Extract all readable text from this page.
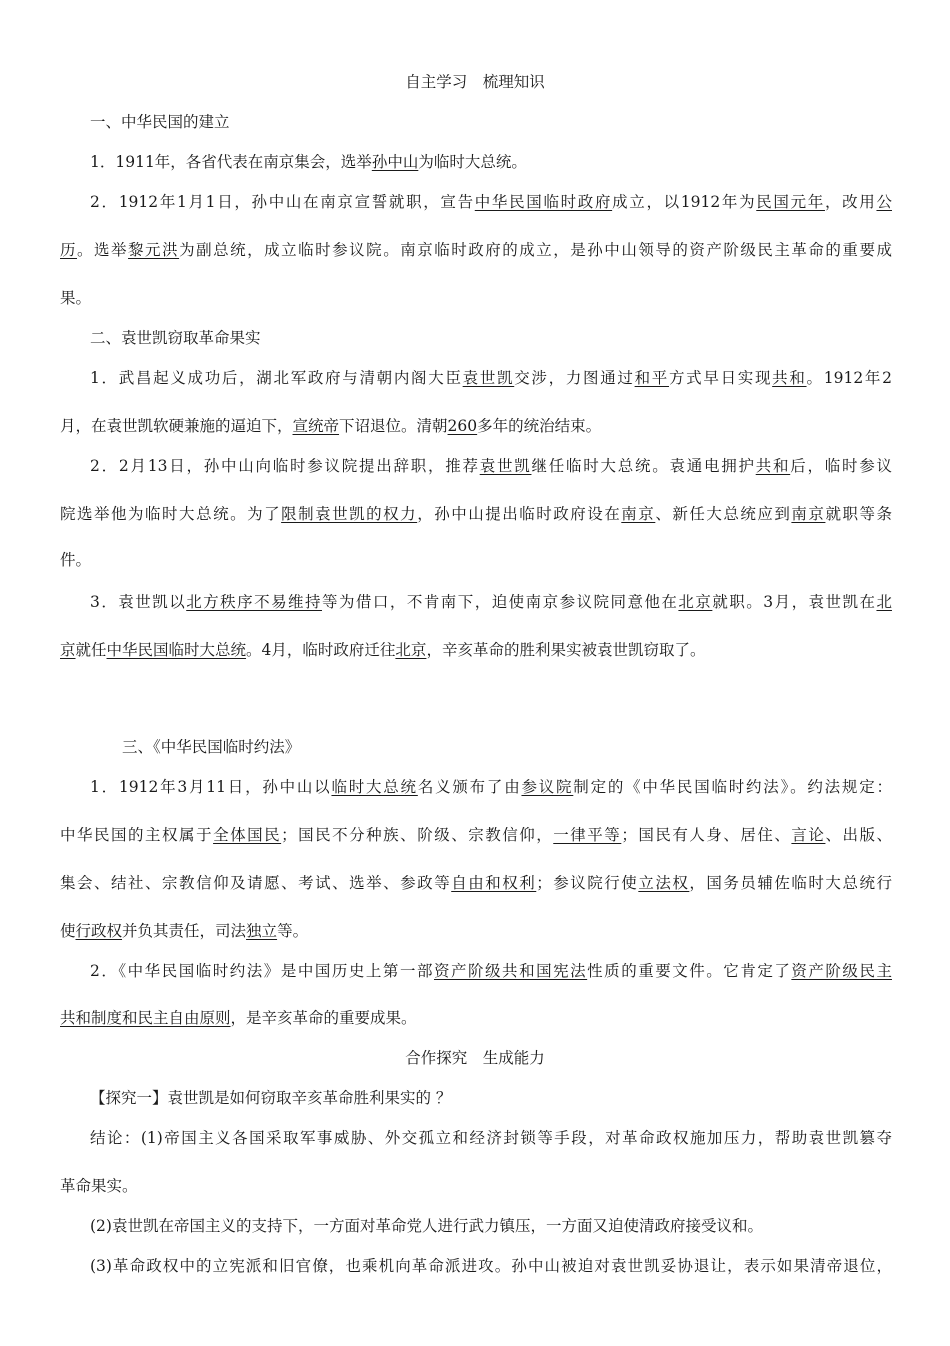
自主学习　梳理知识
一、中华民国的建立
1．1911年，各省代表在南京集会，选举孙中山为临时大总统。
2．1912年1月1日，孙中山在南京宣誓就职，宣告中华民国临时政府成立，以1912年为民国元年，改用公
历。选举黎元洪为副总统，成立临时参议院。南京临时政府的成立，是孙中山领导的资产阶级民主革命的重要成
果。
二、袁世凯窃取革命果实
1．武昌起义成功后，湖北军政府与清朝内阁大臣袁世凯交涉，力图通过和平方式早日实现共和。1912年2
月，在袁世凯软硬兼施的逼迫下，宣统帝下诏退位。清朝260多年的统治结束。
2．2月13日，孙中山向临时参议院提出辞职，推荐袁世凯继任临时大总统。袁通电拥护共和后，临时参议
院选举他为临时大总统。为了限制袁世凯的权力，孙中山提出临时政府设在南京、新任大总统应到南京就职等条
件。
3．袁世凯以北方秩序不易维持等为借口，不肯南下，迫使南京参议院同意他在北京就职。3月，袁世凯在北
京就任中华民国临时大总统。4月，临时政府迁往北京，辛亥革命的胜利果实被袁世凯窃取了。
三、《中华民国临时约法》
1．1912年3月11日，孙中山以临时大总统名义颁布了由参议院制定的《中华民国临时约法》。约法规定：
中华民国的主权属于全体国民；国民不分种族、阶级、宗教信仰，一律平等；国民有人身、居住、言论、出版、
集会、结社、宗教信仰及请愿、考试、选举、参政等自由和权利；参议院行使立法权，国务员辅佐临时大总统行
使行政权并负其责任，司法独立等。
2．《中华民国临时约法》是中国历史上第一部资产阶级共和国宪法性质的重要文件。它肯定了资产阶级民主
共和制度和民主自由原则，是辛亥革命的重要成果。
合作探究　生成能力
【探究一】袁世凯是如何窃取辛亥革命胜利果实的 ？
结论：(1)帝国主义各国采取军事威胁、外交孤立和经济封锁等手段，对革命政权施加压力，帮助袁世凯篡夺
革命果实。
(2)袁世凯在帝国主义的支持下，一方面对革命党人进行武力镇压，一方面又迫使清政府接受议和。
(3)革命政权中的立宪派和旧官僚，也乘机向革命派进攻。孙中山被迫对袁世凯妥协退让，表示如果清帝退位，
